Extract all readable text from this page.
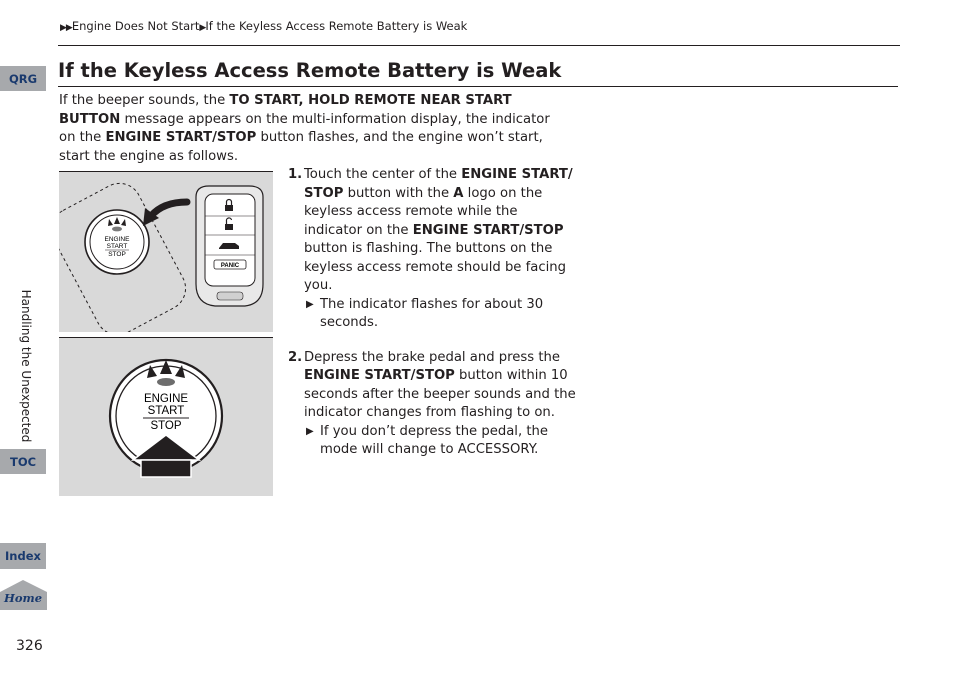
▶▶Engine Does Not Start▶If the Keyless Access Remote Battery is Weak
If the Keyless Access Remote Battery is Weak

If the beeper sounds, the TO START, HOLD REMOTE NEAR START BUTTON message appears on the multi-information display, the indicator on the ENGINE START/STOP button flashes, and the engine won’t start, start the engine as follows.

ENGINE
START
STOP
PANIC
ENGINE
START
STOP
1. Touch the center of the ENGINE START/ STOP button with the A logo on the keyless access remote while the indicator on the ENGINE START/STOP button is flashing. The buttons on the keyless access remote should be facing you.
▶ The indicator flashes for about 30 seconds.
2. Depress the brake pedal and press the ENGINE START/STOP button within 10 seconds after the beeper sounds and the indicator changes from flashing to on.
▶ If you don’t depress the pedal, the mode will change to ACCESSORY.
QRG
Handling the Unexpected
TOC
Index
Home
326
